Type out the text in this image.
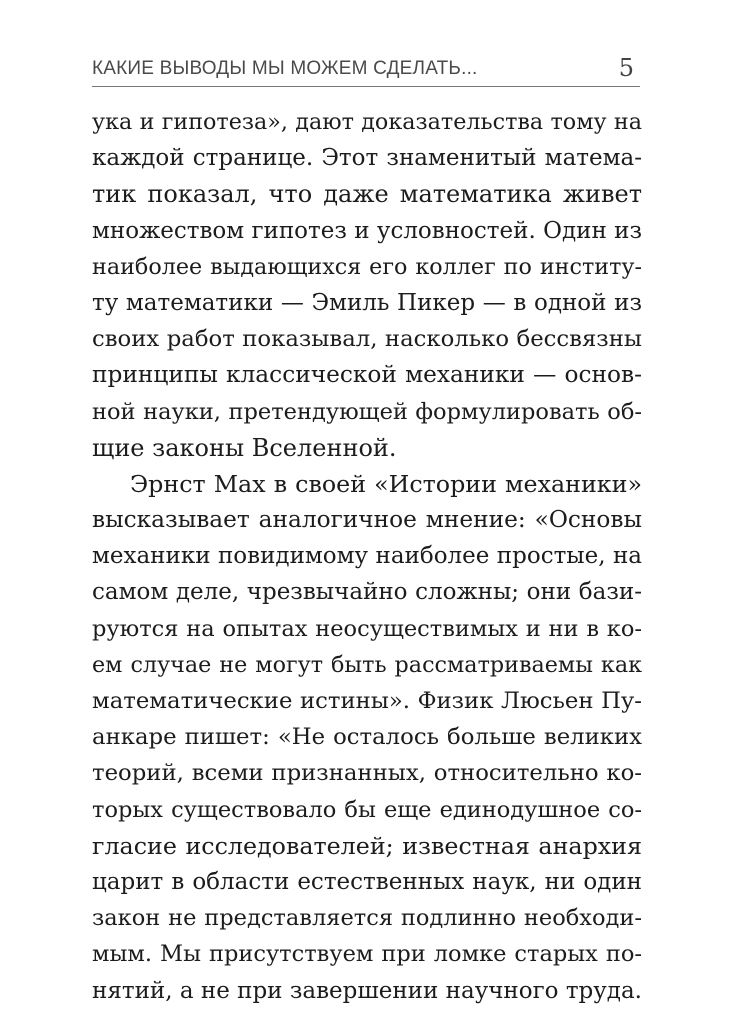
КАКИЕ ВЫВОДЫ МЫ МОЖЕМ СДЕЛАТЬ...	5
ука и гипотеза», дают доказательства тому на
каждой странице. Этот знаменитый матема-
тик показал, что даже математика живет
множеством гипотез и условностей. Один из
наиболее выдающихся его коллег по институ-
ту математики — Эмиль Пикер — в одной из
своих работ показывал, насколько бессвязны
принципы классической механики — основ-
ной науки, претендующей формулировать об-
щие законы Вселенной.
Эрнст Мах в своей «Истории механики»
высказывает аналогичное мнение: «Основы
механики повидимому наиболее простые, на
самом деле, чрезвычайно сложны; они бази-
руются на опытах неосуществимых и ни в ко-
ем случае не могут быть рассматриваемы как
математические истины». Физик Люсьен Пу-
анкаре пишет: «Не осталось больше великих
теорий, всеми признанных, относительно ко-
торых существовало бы еще единодушное со-
гласие исследователей; известная анархия
царит в области естественных наук, ни один
закон не представляется подлинно необходи-
мым. Мы присутствуем при ломке старых по-
нятий, а не при завершении научного труда.
